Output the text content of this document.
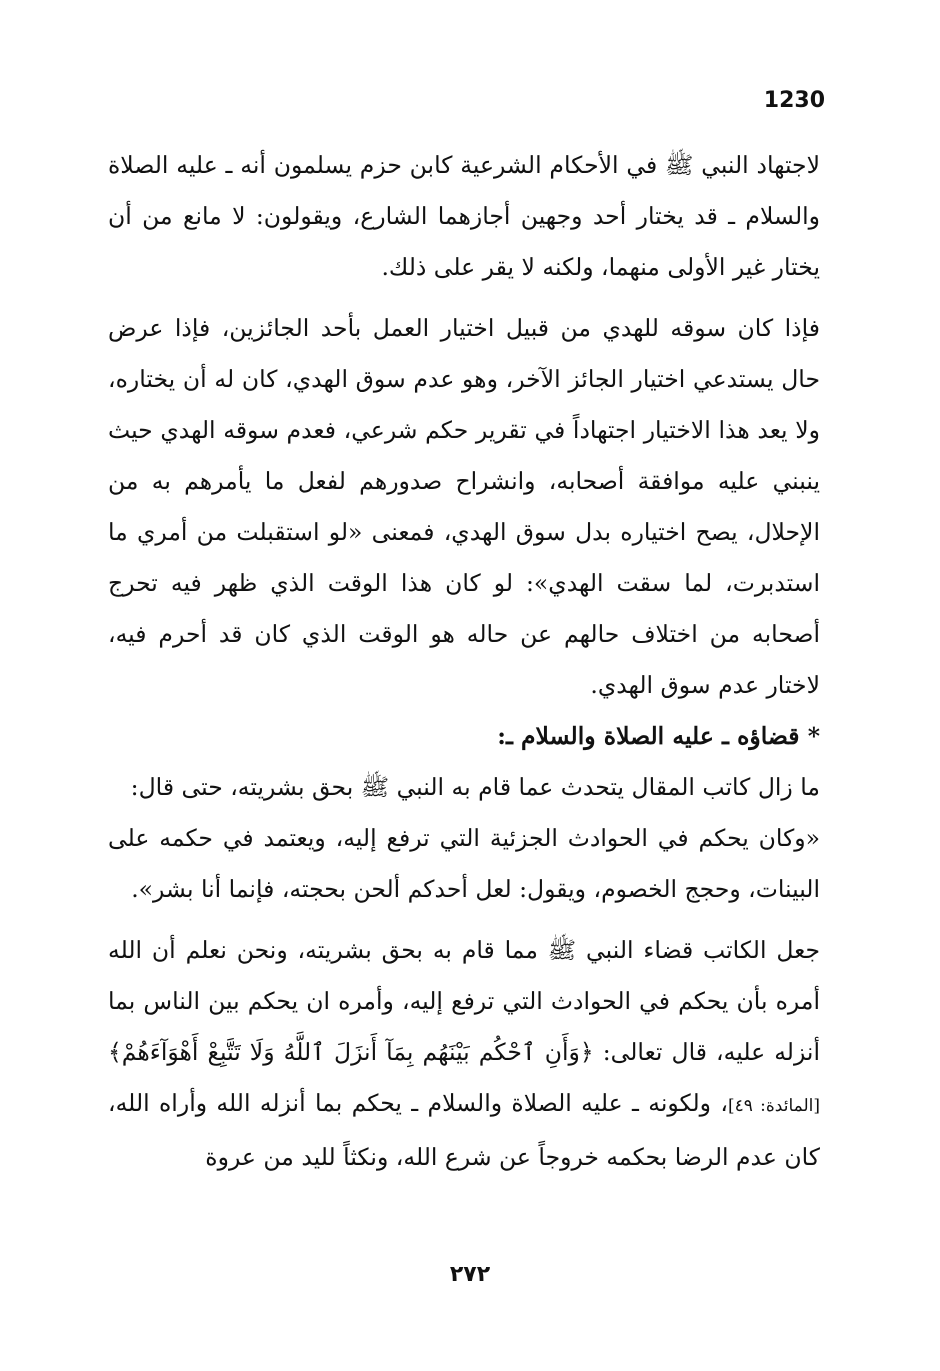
1230

لاجتهاد النبي ﷺ في الأحكام الشرعية كابن حزم يسلمون أنه ـ عليه الصلاة والسلام ـ قد يختار أحد وجهين أجازهما الشارع، ويقولون: لا مانع من أن يختار غير الأولى منهما، ولكنه لا يقر على ذلك.

فإذا كان سوقه للهدي من قبيل اختيار العمل بأحد الجائزين، فإذا عرض حال يستدعي اختيار الجائز الآخر، وهو عدم سوق الهدي، كان له أن يختاره، ولا يعد هذا الاختيار اجتهاداً في تقرير حكم شرعي، فعدم سوقه الهدي حيث ينبني عليه موافقة أصحابه، وانشراح صدورهم لفعل ما يأمرهم به من الإحلال، يصح اختياره بدل سوق الهدي، فمعنى «لو استقبلت من أمري ما استدبرت، لما سقت الهدي»: لو كان هذا الوقت الذي ظهر فيه تحرج أصحابه من اختلاف حالهم عن حاله هو الوقت الذي كان قد أحرم فيه، لاختار عدم سوق الهدي.

* قضاؤه ـ عليه الصلاة والسلام ـ:

ما زال كاتب المقال يتحدث عما قام به النبي ﷺ بحق بشريته، حتى قال:

«وكان يحكم في الحوادث الجزئية التي ترفع إليه، ويعتمد في حكمه على البينات، وحجج الخصوم، ويقول: لعل أحدكم ألحن بحجته، فإنما أنا بشر».

جعل الكاتب قضاء النبي ﷺ مما قام به بحق بشريته، ونحن نعلم أن الله أمره بأن يحكم في الحوادث التي ترفع إليه، وأمره ان يحكم بين الناس بما أنزله عليه، قال تعالى: ﴿وَأَنِ ٱحْكُم بَيْنَهُم بِمَآ أَنزَلَ ٱللَّهُ وَلَا تَتَّبِعْ أَهْوَآءَهُمْ﴾[المائدة: ٤٩]، ولكونه ـ عليه الصلاة والسلام ـ يحكم بما أنزله الله وأراه الله، كان عدم الرضا بحكمه خروجاً عن شرع الله، ونكثاً لليد من عروة

٢٧٢
